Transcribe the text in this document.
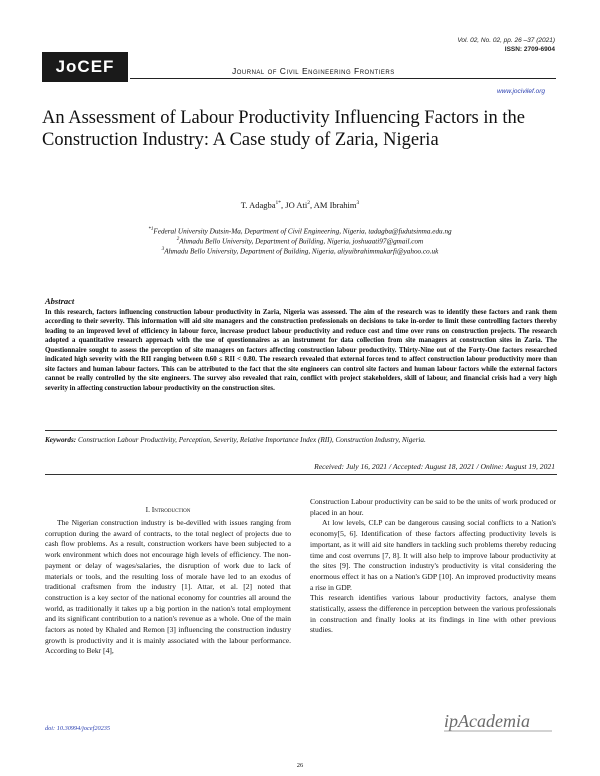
Vol. 02, No. 02, pp. 26 –37 (2021)
ISSN: 2709-6904
JoCEF	Journal of Civil Engineering Frontiers
www.jocivilef.org
An Assessment of Labour Productivity Influencing Factors in the Construction Industry: A Case study of Zaria, Nigeria
T. Adagba$^{1*}$, JO Ati$^2$, AM Ibrahim$^3$
$^{*1}$Federal University Dutsin-Ma, Department of Civil Engineering, Nigeria, tadagba@fudutsinma.edu.ng
$^2$Ahmadu Bello University, Department of Building, Nigeria, joshuaati97@gmail.com
$^3$Ahmadu Bello University, Department of Building, Nigeria, aliyuibrahimmakarfi@yahoo.co.uk
Abstract
In this research, factors influencing construction labour productivity in Zaria, Nigeria was assessed. The aim of the research was to identify these factors and rank them according to their severity. This information will aid site managers and the construction professionals on decisions to take in-order to limit these controlling factors thereby leading to an improved level of efficiency in labour force, increase product labour productivity and reduce cost and time over runs on construction projects. The research adopted a quantitative research approach with the use of questionnaires as an instrument for data collection from site managers at construction sites in Zaria. The Questionnaire sought to assess the perception of site managers on factors affecting construction labour productivity. Thirty-Nine out of the Forty-One factors researched indicated high severity with the RII ranging between 0.60 ≤ RII < 0.80. The research revealed that external forces tend to affect construction labour productivity more than site factors and human labour factors. This can be attributed to the fact that the site engineers can control site factors and human labour factors while the external factors cannot be really controlled by the site engineers. The survey also revealed that rain, conflict with project stakeholders, skill of labour, and financial crisis had a very high severity in affecting construction labour productivity on the construction sites.
Keywords: Construction Labour Productivity, Perception, Severity, Relative Importance Index (RII), Construction Industry, Nigeria.
Received: July 16, 2021 / Accepted: August 18, 2021 / Online: August 19, 2021
I. Introduction

The Nigerian construction industry is be-devilled with issues ranging from corruption during the award of contracts, to the total neglect of projects due to cash flow problems. As a result, construction workers have been subjected to a work environment which does not encourage high levels of efficiency. The non-payment or delay of wages/salaries, the disruption of work due to lack of materials or tools, and the resulting loss of morale have led to an exodus of traditional craftsmen from the industry [1]. Attar, et al. [2] noted that construction is a key sector of the national economy for countries all around the world, as traditionally it takes up a big portion in the nation's total employment and its significant contribution to a nation's revenue as a whole. One of the main factors as noted by Khaled and Remon [3] influencing the construction industry growth is productivity and it is mainly associated with the labour performance. According to Bekr [4],

Construction Labour productivity can be said to be the units of work produced or placed in an hour.

At low levels, CLP can be dangerous causing social conflicts to a Nation's economy[5, 6]. Identification of these factors affecting productivity levels is important, as it will aid site handlers in tackling such problems thereby reducing time and cost overruns [7, 8]. It will also help to improve labour productivity at the sites [9]. The construction industry's productivity is vital considering the enormous effect it has on a Nation's GDP [10]. An improved productivity means a rise in GDP.

This research identifies various labour productivity factors, analyse them statistically, assess the difference in perception between the various professionals in construction and finally looks at its findings in line with other previous studies.

doi: 10.30994/jocef20235	ipAcademia
26
